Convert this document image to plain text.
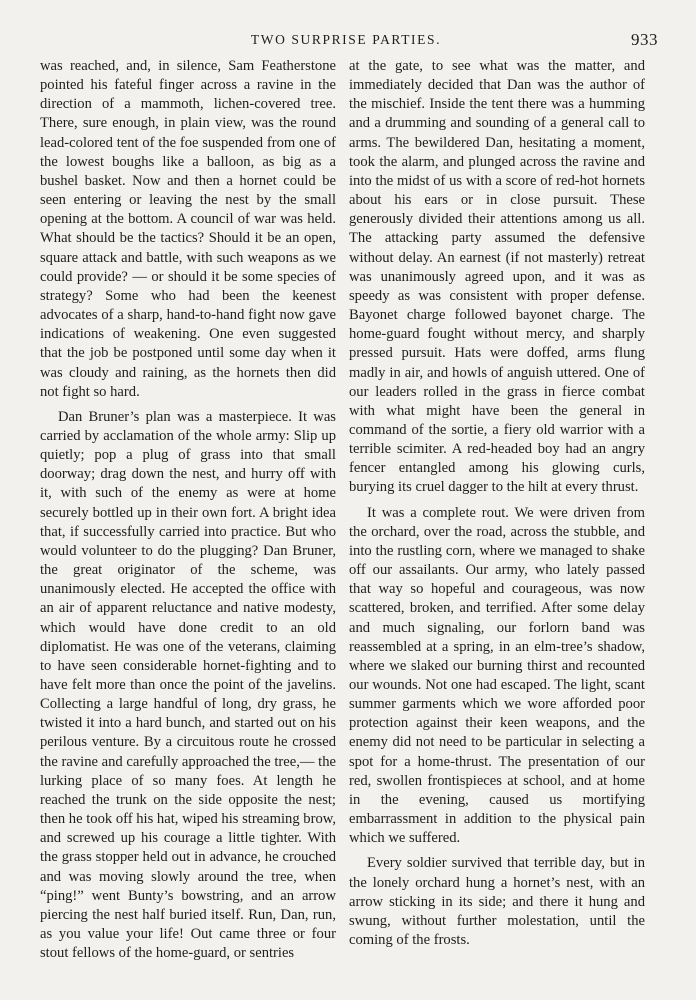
TWO SURPRISE PARTIES.	933

was reached, and, in silence, Sam Featherstone pointed his fateful finger across a ravine in the direction of a mammoth, lichen-covered tree. There, sure enough, in plain view, was the round lead-colored tent of the foe suspended from one of the lowest boughs like a balloon, as big as a bushel basket. Now and then a hornet could be seen entering or leaving the nest by the small opening at the bottom. A council of war was held. What should be the tactics? Should it be an open, square attack and battle, with such weapons as we could provide? — or should it be some species of strategy? Some who had been the keenest advocates of a sharp, hand-to-hand fight now gave indications of weakening. One even suggested that the job be postponed until some day when it was cloudy and raining, as the hornets then did not fight so hard.

Dan Bruner’s plan was a masterpiece. It was carried by acclamation of the whole army: Slip up quietly; pop a plug of grass into that small doorway; drag down the nest, and hurry off with it, with such of the enemy as were at home securely bottled up in their own fort. A bright idea that, if successfully carried into practice. But who would volunteer to do the plugging? Dan Bruner, the great originator of the scheme, was unanimously elected. He accepted the office with an air of apparent reluctance and native modesty, which would have done credit to an old diplomatist. He was one of the veterans, claiming to have seen considerable hornet-fighting and to have felt more than once the point of the javelins. Collecting a large handful of long, dry grass, he twisted it into a hard bunch, and started out on his perilous venture. By a circuitous route he crossed the ravine and carefully approached the tree,— the lurking place of so many foes. At length he reached the trunk on the side opposite the nest; then he took off his hat, wiped his streaming brow, and screwed up his courage a little tighter. With the grass stopper held out in advance, he crouched and was moving slowly around the tree, when “ping!” went Bunty’s bowstring, and an arrow piercing the nest half buried itself. Run, Dan, run, as you value your life! Out came three or four stout fellows of the home-guard, or sentries

at the gate, to see what was the matter, and immediately decided that Dan was the author of the mischief. Inside the tent there was a humming and a drumming and sounding of a general call to arms. The bewildered Dan, hesitating a moment, took the alarm, and plunged across the ravine and into the midst of us with a score of red-hot hornets about his ears or in close pursuit. These generously divided their attentions among us all. The attacking party assumed the defensive without delay. An earnest (if not masterly) retreat was unanimously agreed upon, and it was as speedy as was consistent with proper defense. Bayonet charge followed bayonet charge. The home-guard fought without mercy, and sharply pressed pursuit. Hats were doffed, arms flung madly in air, and howls of anguish uttered. One of our leaders rolled in the grass in fierce combat with what might have been the general in command of the sortie, a fiery old warrior with a terrible scimiter. A red-headed boy had an angry fencer entangled among his glowing curls, burying its cruel dagger to the hilt at every thrust.

It was a complete rout. We were driven from the orchard, over the road, across the stubble, and into the rustling corn, where we managed to shake off our assailants. Our army, who lately passed that way so hopeful and courageous, was now scattered, broken, and terrified. After some delay and much signaling, our forlorn band was reassembled at a spring, in an elm-tree’s shadow, where we slaked our burning thirst and recounted our wounds. Not one had escaped. The light, scant summer garments which we wore afforded poor protection against their keen weapons, and the enemy did not need to be particular in selecting a spot for a home-thrust. The presentation of our red, swollen frontispieces at school, and at home in the evening, caused us mortifying embarrassment in addition to the physical pain which we suffered.

Every soldier survived that terrible day, but in the lonely orchard hung a hornet’s nest, with an arrow sticking in its side; and there it hung and swung, without further molestation, until the coming of the frosts.
